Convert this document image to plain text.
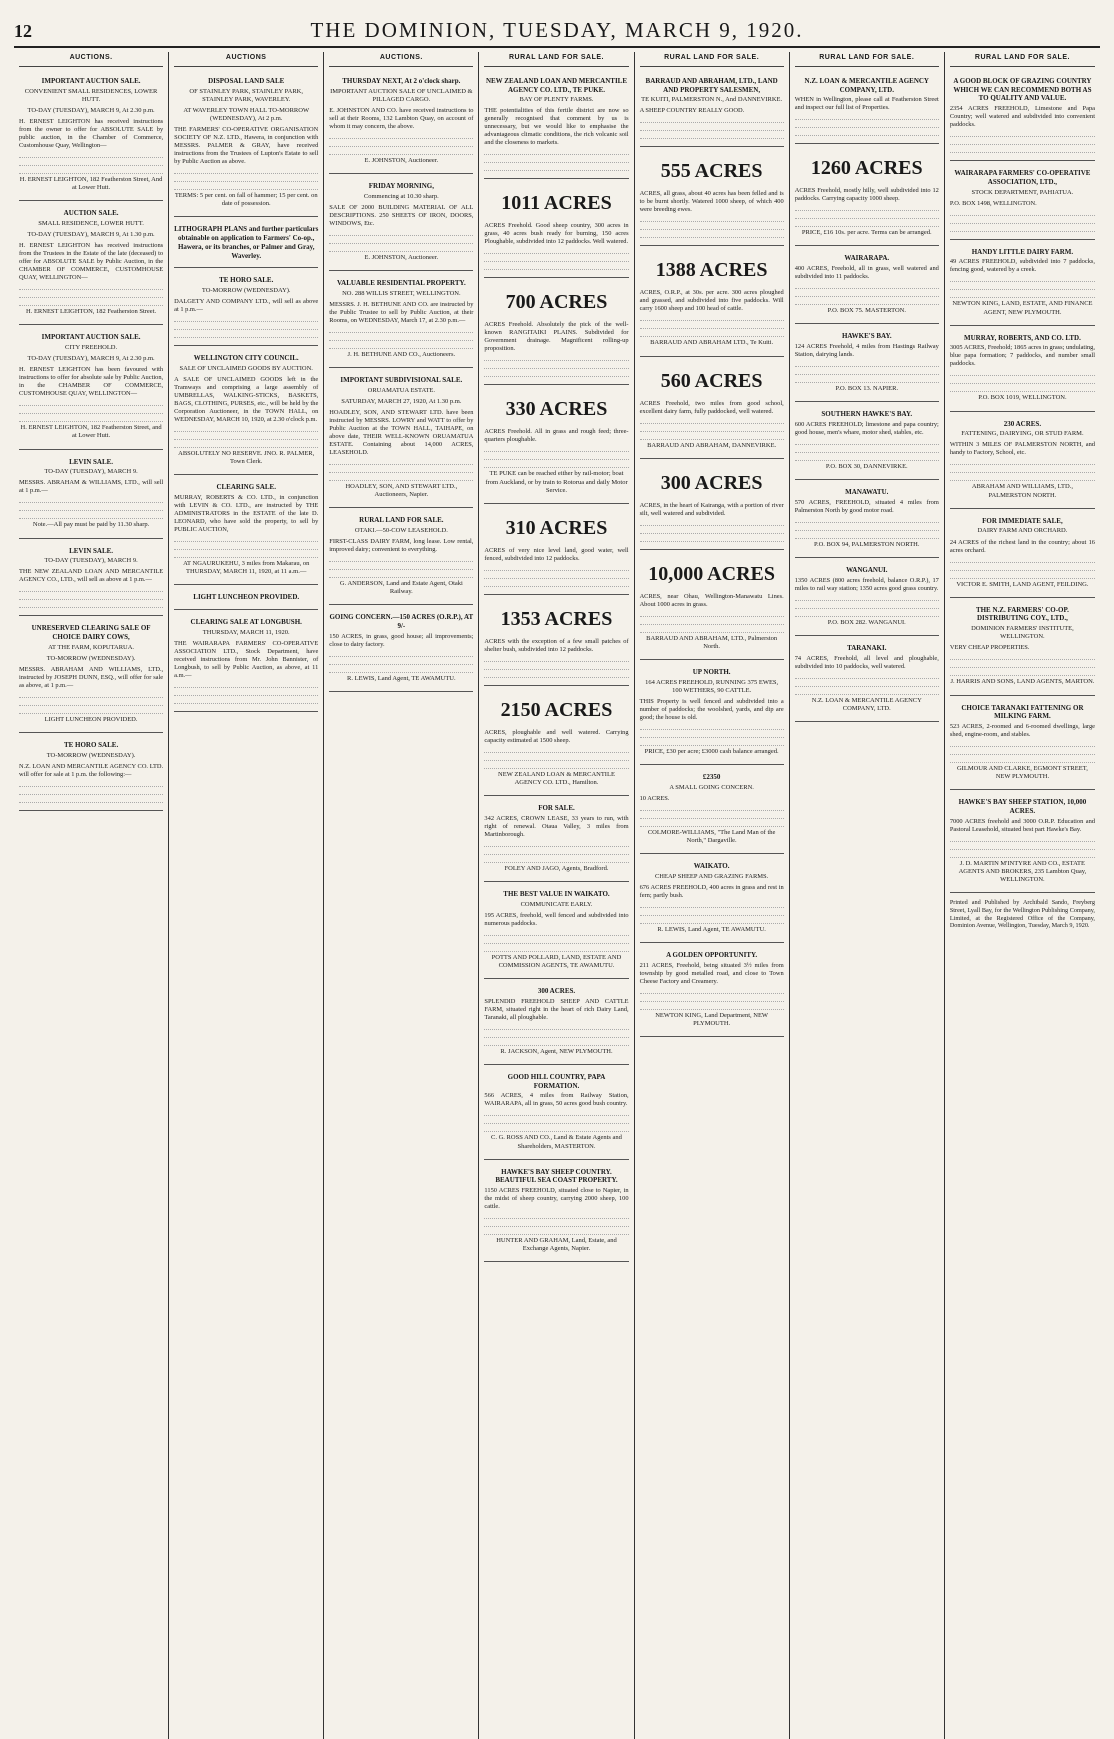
12	THE DOMINION, TUESDAY, MARCH 9, 1920.
AUCTIONS.
IMPORTANT AUCTION SALE.
CONVENIENT SMALL RESIDENCES, LOWER HUTT.
TO-DAY (TUESDAY), MARCH 9, At 2.30 p.m.
H. ERNEST LEIGHTON has received instructions from the owner to offer for ABSOLUTE SALE by public auction, in the Chamber of Commerce, Customhouse Quay, Wellington—
H. ERNEST LEIGHTON, 182 Featherston Street, And at Lower Hutt.
AUCTION SALE.
SMALL RESIDENCE, LOWER HUTT.
TO-DAY (TUESDAY), MARCH 9, At 1.30 p.m.
H. ERNEST LEIGHTON has received instructions from the Trustees in the Estate of the late (deceased) to offer for ABSOLUTE SALE by Public Auction, in the CHAMBER OF COMMERCE, CUSTOMHOUSE QUAY, WELLINGTON—
H. ERNEST LEIGHTON, 182 Featherston Street.
IMPORTANT AUCTION SALE.
CITY FREEHOLD.
TO-DAY (TUESDAY), MARCH 9, At 2.30 p.m.
H. ERNEST LEIGHTON has been favoured with instructions to offer for absolute sale by Public Auction, in the CHAMBER OF COMMERCE, CUSTOMHOUSE QUAY, WELLINGTON—
H. ERNEST LEIGHTON, 182 Featherston Street, and at Lower Hutt.
LEVIN SALE.
TO-DAY (TUESDAY), MARCH 9.
MESSRS. ABRAHAM & WILLIAMS, LTD., will sell at 1 p.m.—
Note.—All pay must be paid by 11.30 sharp.
LEVIN SALE.
TO-DAY (TUESDAY), MARCH 9.
THE NEW ZEALAND LOAN AND MERCANTILE AGENCY CO., LTD., will sell as above at 1 p.m.—
UNRESERVED CLEARING SALE OF CHOICE DAIRY COWS,
AT THE FARM, KOPUTARUA.
TO-MORROW (WEDNESDAY).
MESSRS. ABRAHAM AND WILLIAMS, LTD., instructed by JOSEPH DUNN, ESQ., will offer for sale as above, at 1 p.m.—
LIGHT LUNCHEON PROVIDED.
TE HORO SALE.
TO-MORROW (WEDNESDAY).
N.Z. LOAN AND MERCANTILE AGENCY CO. LTD. will offer for sale at 1 p.m. the following:—
AUCTIONS
DISPOSAL LAND SALE
OF STAINLEY PARK, STAINLEY PARK, STAINLEY PARK, WAVERLEY.
AT WAVERLEY TOWN HALL TO-MORROW (WEDNESDAY), At 2 p.m.
THE FARMERS' CO-OPERATIVE ORGANISATION SOCIETY OF N.Z. LTD., Hawera, in conjunction with MESSRS. PALMER & GRAY, have received instructions from the Trustees of Lupton's Estate to sell by Public Auction as above.
TERMS: 5 per cent. on fall of hammer; 15 per cent. on date of possession.
LITHOGRAPH PLANS and further particulars obtainable on application to Farmers' Co-op., Hawera, or its branches, or Palmer and Gray, Waverley.
TE HORO SALE.
TO-MORROW (WEDNESDAY).
DALGETY AND COMPANY LTD., will sell as above at 1 p.m.—
WELLINGTON CITY COUNCIL.
SALE OF UNCLAIMED GOODS BY AUCTION.
A SALE OF UNCLAIMED GOODS left in the Tramways and comprising a large assembly of UMBRELLAS, WALKING-STICKS, BASKETS, BAGS, CLOTHING, PURSES, etc., will be held by the Corporation Auctioneer, in the TOWN HALL, on WEDNESDAY, MARCH 10, 1920, at 2.30 o'clock p.m.
ABSOLUTELY NO RESERVE. JNO. R. PALMER, Town Clerk.
CLEARING SALE.
MURRAY, ROBERTS & CO. LTD., in conjunction with LEVIN & CO. LTD., are instructed by THE ADMINISTRATORS in the ESTATE of the late D. LEONARD, who have sold the property, to sell by PUBLIC AUCTION,
AT NGAURUKEHU, 3 miles from Makarau, on THURSDAY, MARCH 11, 1920, at 11 a.m.—
LIGHT LUNCHEON PROVIDED.
CLEARING SALE AT LONGBUSH.
THURSDAY, MARCH 11, 1920.
THE WAIRARAPA FARMERS' CO-OPERATIVE ASSOCIATION LTD., Stock Department, have received instructions from Mr. John Bannister, of Longbush, to sell by Public Auction, as above, at 11 a.m.—
AUCTIONS.
THURSDAY NEXT, At 2 o'clock sharp.
IMPORTANT AUCTION SALE OF UNCLAIMED & PILLAGED CARGO.
E. JOHNSTON AND CO. have received instructions to sell at their Rooms, 132 Lambton Quay, on account of whom it may concern, the above.
E. JOHNSTON, Auctioneer.
FRIDAY MORNING,
Commencing at 10.30 sharp.
SALE OF 2000 BUILDING MATERIAL OF ALL DESCRIPTIONS. 250 SHEETS OF IRON, DOORS, WINDOWS, Etc.
E. JOHNSTON, Auctioneer.
VALUABLE RESIDENTIAL PROPERTY.
NO. 288 WILLIS STREET, WELLINGTON.
MESSRS. J. H. BETHUNE AND CO. are instructed by the Public Trustee to sell by Public Auction, at their Rooms, on WEDNESDAY, March 17, at 2.30 p.m.—
J. H. BETHUNE AND CO., Auctioneers.
IMPORTANT SUBDIVISIONAL SALE.
ORUAMATUA ESTATE.
SATURDAY, MARCH 27, 1920, At 1.30 p.m.
HOADLEY, SON, AND STEWART LTD. have been instructed by MESSRS. LOWRY and WATT to offer by Public Auction at the TOWN HALL, TAIHAPE, on above date, THEIR WELL-KNOWN ORUAMATUA ESTATE. Containing about 14,000 ACRES, LEASEHOLD.
HOADLEY, SON, AND STEWART LTD., Auctioneers, Napier.
RURAL LAND FOR SALE.
OTAKI.—50-COW LEASEHOLD.
FIRST-CLASS DAIRY FARM, long lease. Low rental, improved dairy; convenient to everything.
G. ANDERSON, Land and Estate Agent, Otaki Railway.
GOING CONCERN.—150 ACRES (O.R.P.), AT 9/-
150 ACRES, in grass, good house; all improvements; close to dairy factory.
R. LEWIS, Land Agent, TE AWAMUTU.
RURAL LAND FOR SALE.
NEW ZEALAND LOAN AND MERCANTILE AGENCY CO. LTD., TE PUKE.
BAY OF PLENTY FARMS.
THE potentialities of this fertile district are now so generally recognised that comment by us is unnecessary, but we would like to emphasise the advantageous climatic conditions, the rich volcanic soil and the closeness to markets.
1011 ACRES
ACRES Freehold. Good sheep country, 300 acres in grass, 40 acres bush ready for burning, 150 acres Ploughable, subdivided into 12 paddocks. Well watered.
700 ACRES
ACRES Freehold. Absolutely the pick of the well-known RANGITAIKI PLAINS. Subdivided for Government drainage. Magnificent rolling-up proposition.
330 ACRES
ACRES Freehold. All in grass and rough feed; three-quarters ploughable.
TE PUKE can be reached either by rail-motor; boat from Auckland, or by train to Rotorua and daily Motor Service.
310 ACRES
ACRES of very nice level land, good water, well fenced, subdivided into 12 paddocks.
1353 ACRES
ACRES with the exception of a few small patches of shelter bush, subdivided into 12 paddocks.
2150 ACRES
ACRES, ploughable and well watered. Carrying capacity estimated at 1500 sheep.
NEW ZEALAND LOAN & MERCANTILE AGENCY CO. LTD., Hamilton.
FOR SALE.
342 ACRES, CROWN LEASE, 33 years to run, with right of renewal. Otaua Valley, 3 miles from Martinborough.
FOLEY AND JAGO, Agents, Bradford.
THE BEST VALUE IN WAIKATO.
COMMUNICATE EARLY.
195 ACRES, freehold, well fenced and subdivided into numerous paddocks.
POTTS AND POLLARD, LAND, ESTATE AND COMMISSION AGENTS, TE AWAMUTU.
300 ACRES.
SPLENDID FREEHOLD SHEEP AND CATTLE FARM, situated right in the heart of rich Dairy Land, Taranaki, all ploughable.
R. JACKSON, Agent, NEW PLYMOUTH.
GOOD HILL COUNTRY, PAPA FORMATION.
566 ACRES, 4 miles from Railway Station, WAIRARAPA, all in grass, 50 acres good bush country.
C. G. ROSS AND CO., Land & Estate Agents and Shareholders, MASTERTON.
HAWKE'S BAY SHEEP COUNTRY. BEAUTIFUL SEA COAST PROPERTY.
1150 ACRES FREEHOLD, situated close to Napier, in the midst of sheep country, carrying 2000 sheep, 100 cattle.
HUNTER AND GRAHAM, Land, Estate, and Exchange Agents, Napier.
RURAL LAND FOR SALE.
BARRAUD AND ABRAHAM, LTD., LAND AND PROPERTY SALESMEN,
TE KUITI, PALMERSTON N., And DANNEVIRKE.
A SHEEP COUNTRY REALLY GOOD.
555 ACRES
ACRES, all grass, about 40 acres has been felled and is to be burnt shortly. Watered 1000 sheep, of which 400 were breeding ewes.
1388 ACRES
ACRES, O.R.P., at 30s. per acre. 300 acres ploughed and grassed, and subdivided into five paddocks. Will carry 1600 sheep and 100 head of cattle.
BARRAUD AND ABRAHAM LTD., Te Kuiti.
560 ACRES
ACRES Freehold, two miles from good school, excellent dairy farm, fully paddocked, well watered.
BARRAUD AND ABRAHAM, DANNEVIRKE.
300 ACRES
ACRES, in the heart of Kairanga, with a portion of river silt, well watered and subdivided.
10,000 ACRES
ACRES, near Ohau, Wellington-Manawatu Lines. About 1000 acres in grass.
BARRAUD AND ABRAHAM, LTD., Palmerston North.
UP NORTH.
164 ACRES FREEHOLD, RUNNING 375 EWES, 100 WETHERS, 90 CATTLE.
THIS Property is well fenced and subdivided into a number of paddocks; the woolshed, yards, and dip are good; the house is old.
PRICE, £30 per acre; £3000 cash balance arranged.
£2350
A SMALL GOING CONCERN.
10 ACRES.
COLMORE-WILLIAMS, "The Land Man of the North," Dargaville.
WAIKATO.
CHEAP SHEEP AND GRAZING FARMS.
676 ACRES FREEHOLD, 400 acres in grass and rest in fern; partly bush.
R. LEWIS, Land Agent, TE AWAMUTU.
A GOLDEN OPPORTUNITY.
211 ACRES, Freehold, being situated 3½ miles from township by good metalled road, and close to Town Cheese Factory and Creamery.
NEWTON KING, Land Department, NEW PLYMOUTH.
RURAL LAND FOR SALE.
N.Z. LOAN & MERCANTILE AGENCY COMPANY, LTD.
WHEN in Wellington, please call at Featherston Street and inspect our full list of Properties.
1260 ACRES
ACRES Freehold, mostly hilly, well subdivided into 12 paddocks. Carrying capacity 1000 sheep.
PRICE, £16 10s. per acre. Terms can be arranged.
WAIRARAPA.
400 ACRES, Freehold, all in grass, well watered and subdivided into 11 paddocks.
P.O. BOX 75. MASTERTON.
HAWKE'S BAY.
124 ACRES Freehold, 4 miles from Hastings Railway Station, dairying lands.
P.O. BOX 13. NAPIER.
SOUTHERN HAWKE'S BAY.
600 ACRES FREEHOLD; limestone and papa country; good house, men's whare, motor shed, stables, etc.
P.O. BOX 30, DANNEVIRKE.
MANAWATU.
570 ACRES, FREEHOLD, situated 4 miles from Palmerston North by good motor road.
P.O. BOX 94, PALMERSTON NORTH.
WANGANUI.
1350 ACRES (800 acres freehold, balance O.R.P.), 17 miles to rail way station; 1350 acres good grass country.
P.O. BOX 282. WANGANUI.
TARANAKI.
74 ACRES, Freehold, all level and ploughable, subdivided into 10 paddocks, well watered.
N.Z. LOAN & MERCANTILE AGENCY COMPANY, LTD.
RURAL LAND FOR SALE.
A GOOD BLOCK OF GRAZING COUNTRY WHICH WE CAN RECOMMEND BOTH AS TO QUALITY AND VALUE.
2354 ACRES FREEHOLD, Limestone and Papa Country; well watered and subdivided into convenient paddocks.
WAIRARAPA FARMERS' CO-OPERATIVE ASSOCIATION, LTD.,
STOCK DEPARTMENT, PAHIATUA.
P.O. BOX 1498, WELLINGTON.
HANDY LITTLE DAIRY FARM.
49 ACRES FREEHOLD, subdivided into 7 paddocks, fencing good, watered by a creek.
NEWTON KING, LAND, ESTATE, AND FINANCE AGENT, NEW PLYMOUTH.
MURRAY, ROBERTS, AND CO. LTD.
3005 ACRES, Freehold; 1865 acres in grass; undulating, blue papa formation; 7 paddocks, and number small paddocks.
P.O. BOX 1019, WELLINGTON.
230 ACRES.
FATTENING, DAIRYING, OR STUD FARM.
WITHIN 3 MILES OF PALMERSTON NORTH, and handy to Factory, School, etc.
ABRAHAM AND WILLIAMS, LTD., PALMERSTON NORTH.
FOR IMMEDIATE SALE,
DAIRY FARM AND ORCHARD.
24 ACRES of the richest land in the country; about 16 acres orchard.
VICTOR E. SMITH, LAND AGENT, FEILDING.
THE N.Z. FARMERS' CO-OP. DISTRIBUTING COY., LTD.,
DOMINION FARMERS' INSTITUTE, WELLINGTON.
VERY CHEAP PROPERTIES.
J. HARRIS AND SONS, LAND AGENTS, MARTON.
CHOICE TARANAKI FATTENING OR MILKING FARM.
523 ACRES, 2-roomed and 6-roomed dwellings, large shed, engine-room, and stables.
GILMOUR AND CLARKE, EGMONT STREET, NEW PLYMOUTH.
HAWKE'S BAY SHEEP STATION, 10,000 ACRES.
7000 ACRES freehold and 3000 O.R.P. Education and Pastoral Leasehold, situated best part Hawke's Bay.
J. D. MARTIN M'INTYRE AND CO., ESTATE AGENTS AND BROKERS, 235 Lambton Quay, WELLINGTON.
Printed and Published by Archibald Sando, Freyberg Street, Lyall Bay, for the Wellington Publishing Company, Limited, at the Registered Office of the Company, Dominion Avenue, Wellington, Tuesday, March 9, 1920.
